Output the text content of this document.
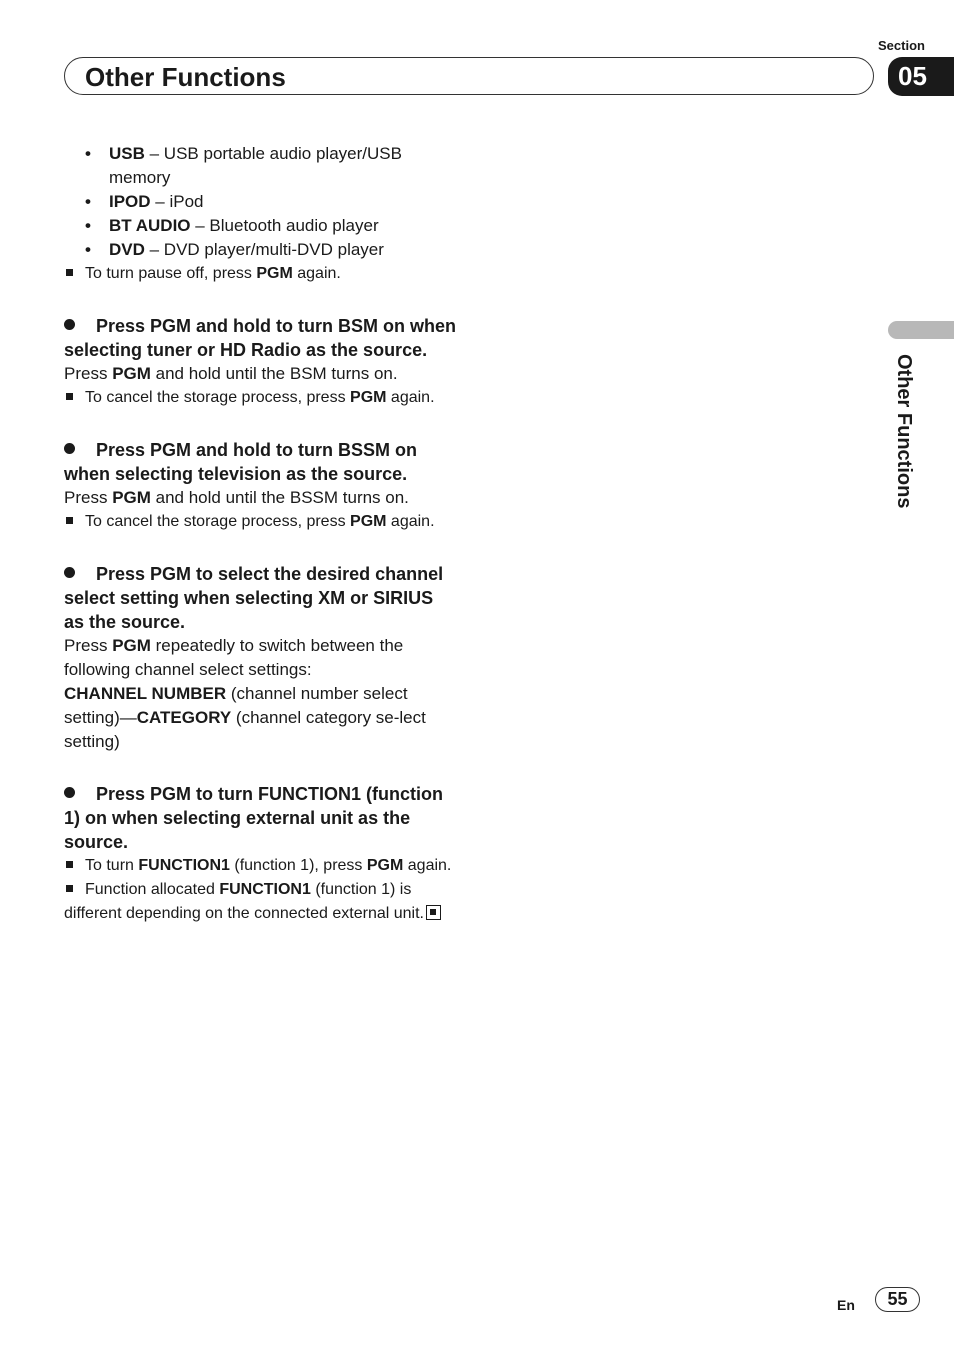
Section
Other Functions	05
Other Functions
• USB – USB portable audio player/USB memory
• IPOD – iPod
• BT AUDIO – Bluetooth audio player
• DVD – DVD player/multi-DVD player

To turn pause off, press PGM again.

Press PGM and hold to turn BSM on when selecting tuner or HD Radio as the source.

Press PGM and hold until the BSM turns on.

To cancel the storage process, press PGM again.

Press PGM and hold to turn BSSM on when selecting television as the source.

Press PGM and hold until the BSSM turns on.

To cancel the storage process, press PGM again.

Press PGM to select the desired channel select setting when selecting XM or SIRIUS as the source.

Press PGM repeatedly to switch between the following channel select settings:

CHANNEL NUMBER (channel number select setting)—CATEGORY (channel category se-lect setting)

Press PGM to turn FUNCTION1 (function 1) on when selecting external unit as the source.

To turn FUNCTION1 (function 1), press PGM again.

Function allocated FUNCTION1 (function 1) is different depending on the connected external unit.

En	55
